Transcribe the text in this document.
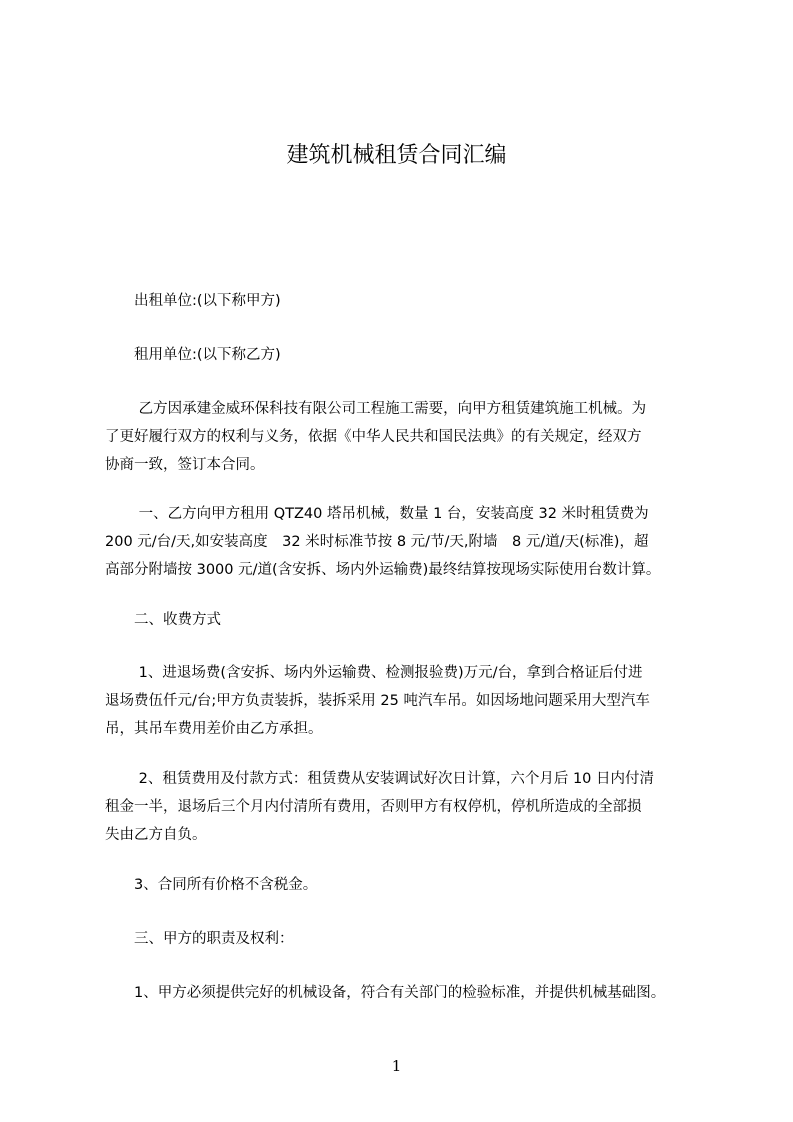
建筑机械租赁合同汇编
　　出租单位:(以下称甲方)
　　租用单位:(以下称乙方)
　　 乙方因承建金威环保科技有限公司工程施工需要，向甲方租赁建筑施工机械。为
了更好履行双方的权利与义务，依据《中华人民共和国民法典》的有关规定，经双方
协商一致，签订本合同。
　　 一、乙方向甲方租用 QTZ40 塔吊机械，数量 1 台，安装高度 32 米时租赁费为
200 元/台/天,如安装高度　32 米时标准节按 8 元/节/天,附墙　8 元/道/天(标准)，超
高部分附墙按 3000 元/道(含安拆、场内外运输费)最终结算按现场实际使用台数计算。
　　二、收费方式
　　 1、进退场费(含安拆、场内外运输费、检测报验费)万元/台，拿到合格证后付进
退场费伍仟元/台;甲方负责装拆，装拆采用 25 吨汽车吊。如因场地问题采用大型汽车
吊，其吊车费用差价由乙方承担。
　　 2、租赁费用及付款方式：租赁费从安装调试好次日计算，六个月后 10 日内付清
租金一半，退场后三个月内付清所有费用，否则甲方有权停机，停机所造成的全部损
失由乙方自负。
　　3、合同所有价格不含税金。
　　三、甲方的职责及权利：
　　1、甲方必须提供完好的机械设备，符合有关部门的检验标准，并提供机械基础图。
1
